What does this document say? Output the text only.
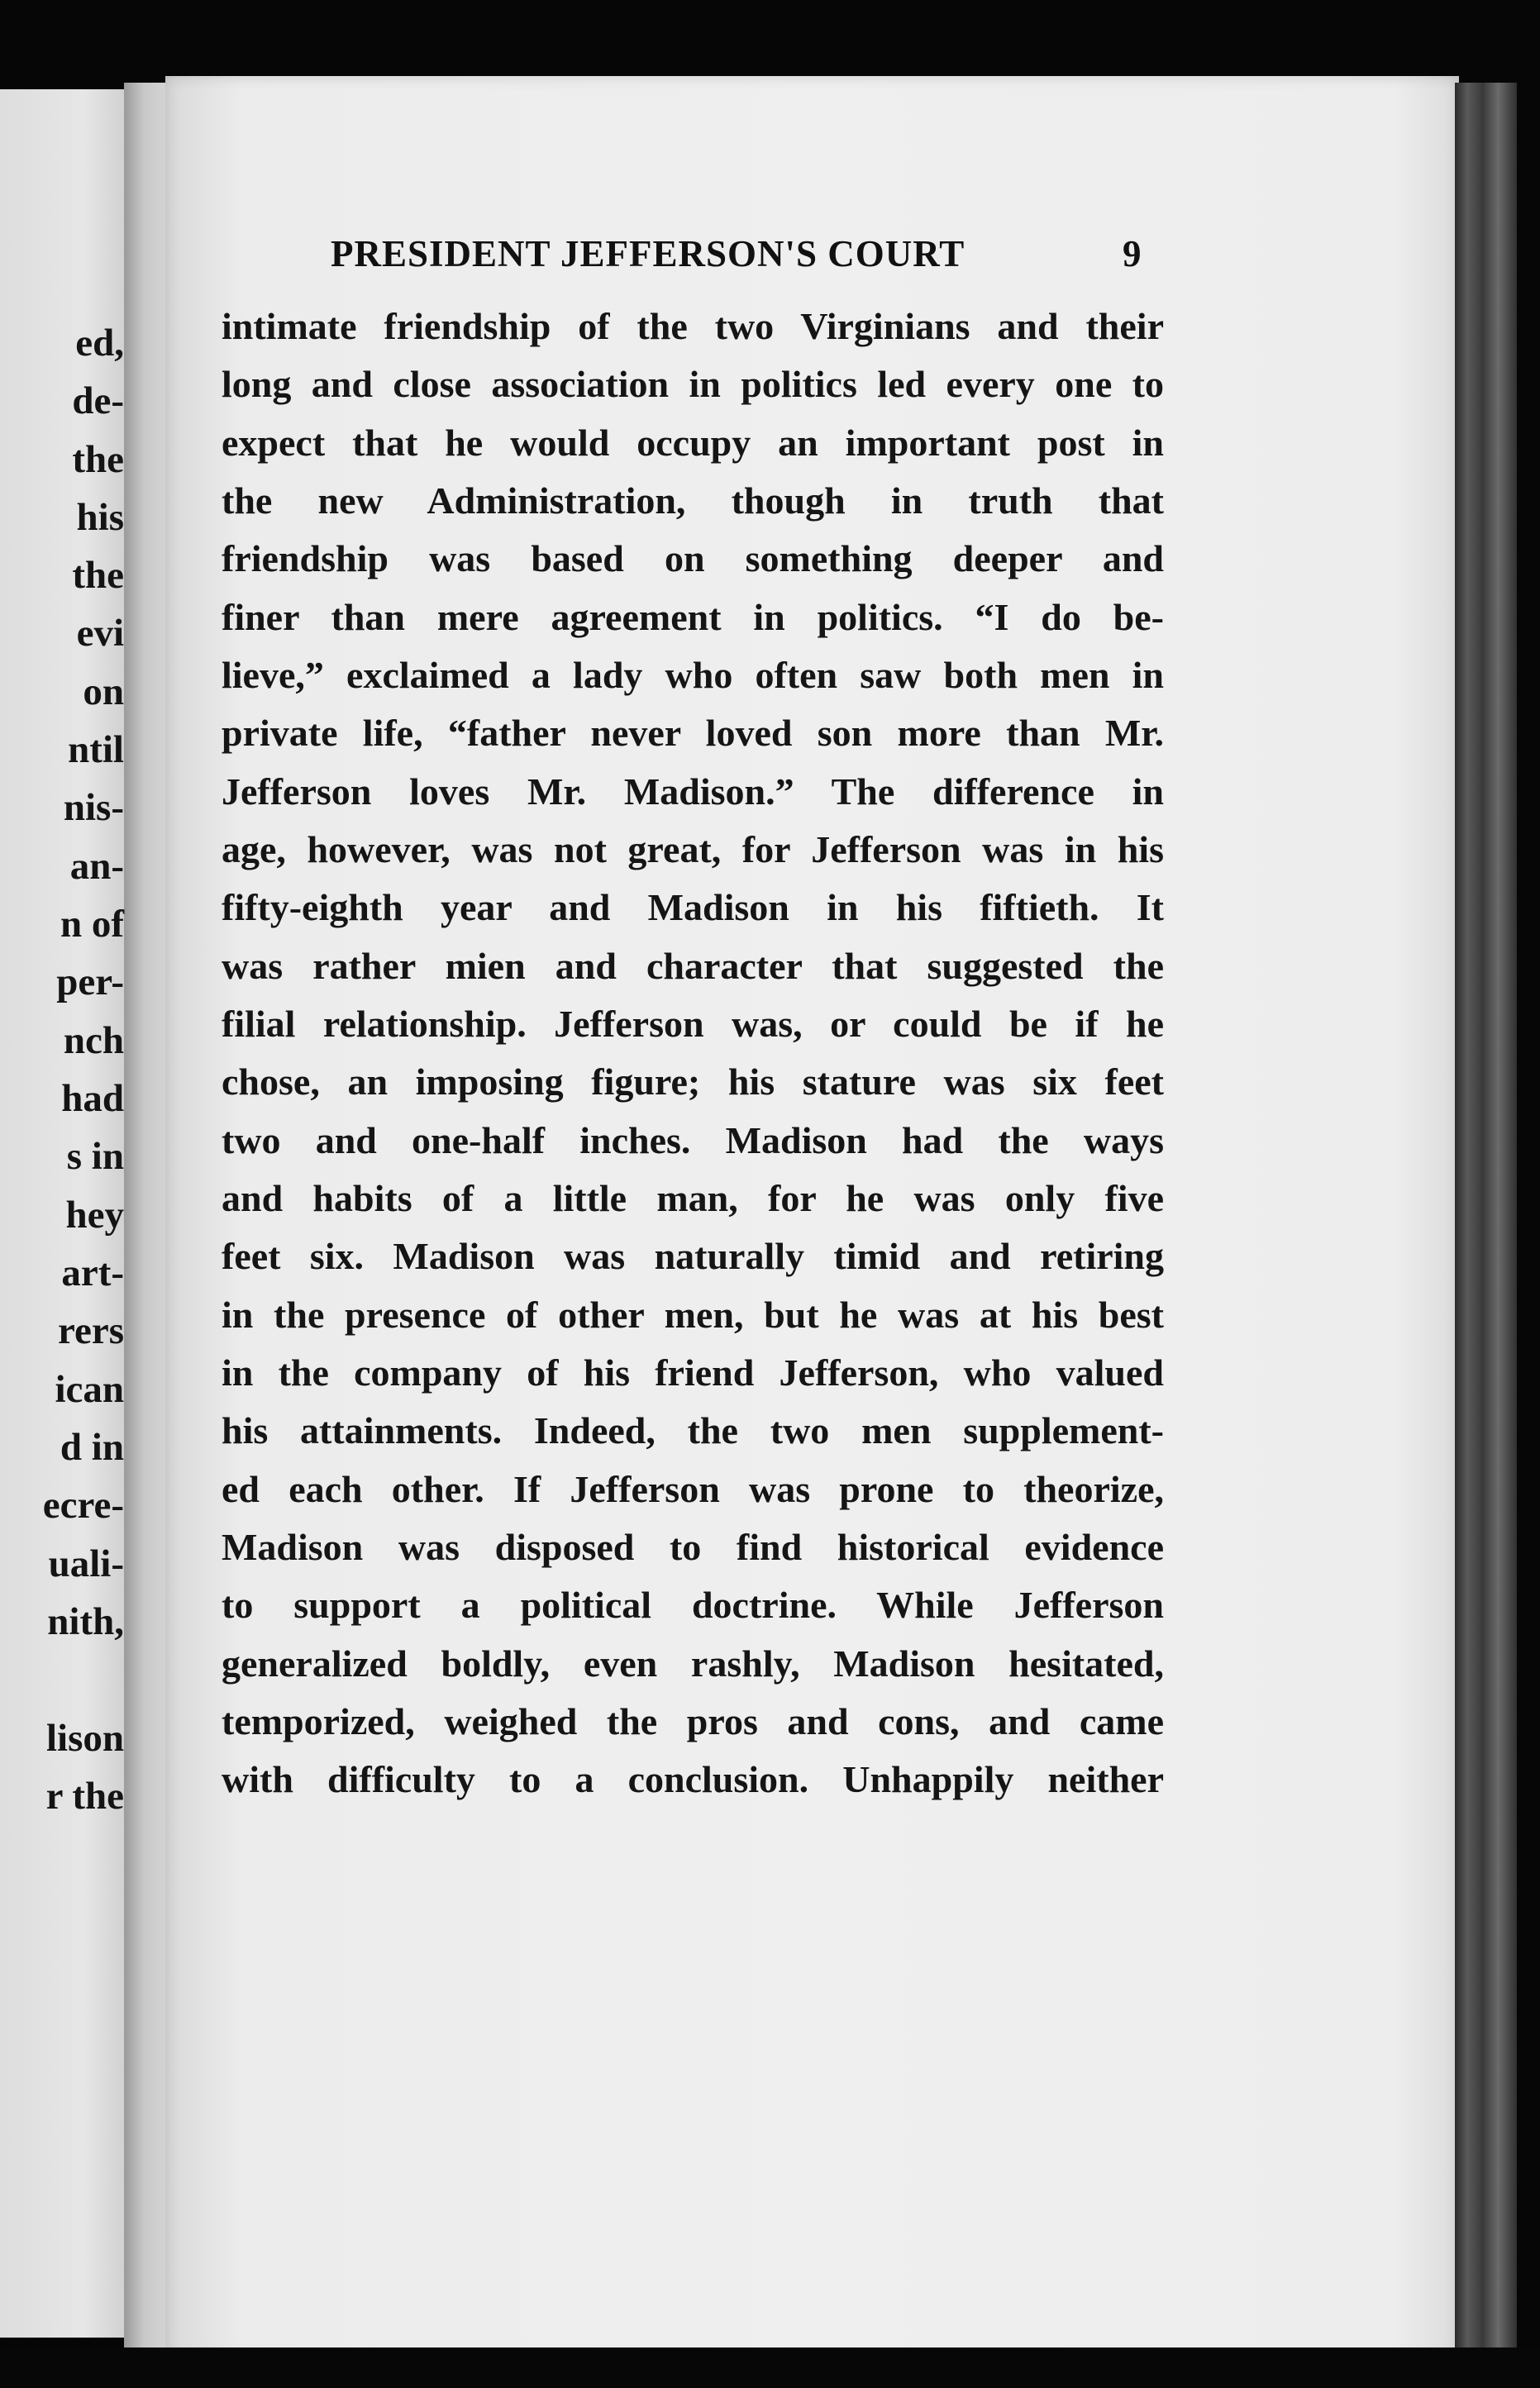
ed,
de-
the
his
the
evi
on
ntil
nis-
an-
n of
per-
nch
had
s in
hey
art-
rers
ican
d in
ecre-
uali-
nith,
lison
r the
PRESIDENT JEFFERSON'S COURT	9
intimate friendship of the two Virginians and their
long and close association in politics led every one to
expect that he would occupy an important post in
the new Administration, though in truth that
friendship was based on something deeper and
finer than mere agreement in politics. “I do be-
lieve,” exclaimed a lady who often saw both men in
private life, “father never loved son more than Mr.
Jefferson loves Mr. Madison.” The difference in
age, however, was not great, for Jefferson was in his
fifty-eighth year and Madison in his fiftieth. It
was rather mien and character that suggested the
filial relationship. Jefferson was, or could be if he
chose, an imposing figure; his stature was six feet
two and one-half inches. Madison had the ways
and habits of a little man, for he was only five
feet six. Madison was naturally timid and retiring
in the presence of other men, but he was at his best
in the company of his friend Jefferson, who valued
his attainments. Indeed, the two men supplement-
ed each other. If Jefferson was prone to theorize,
Madison was disposed to find historical evidence
to support a political doctrine. While Jefferson
generalized boldly, even rashly, Madison hesitated,
temporized, weighed the pros and cons, and came
with difficulty to a conclusion. Unhappily neither
